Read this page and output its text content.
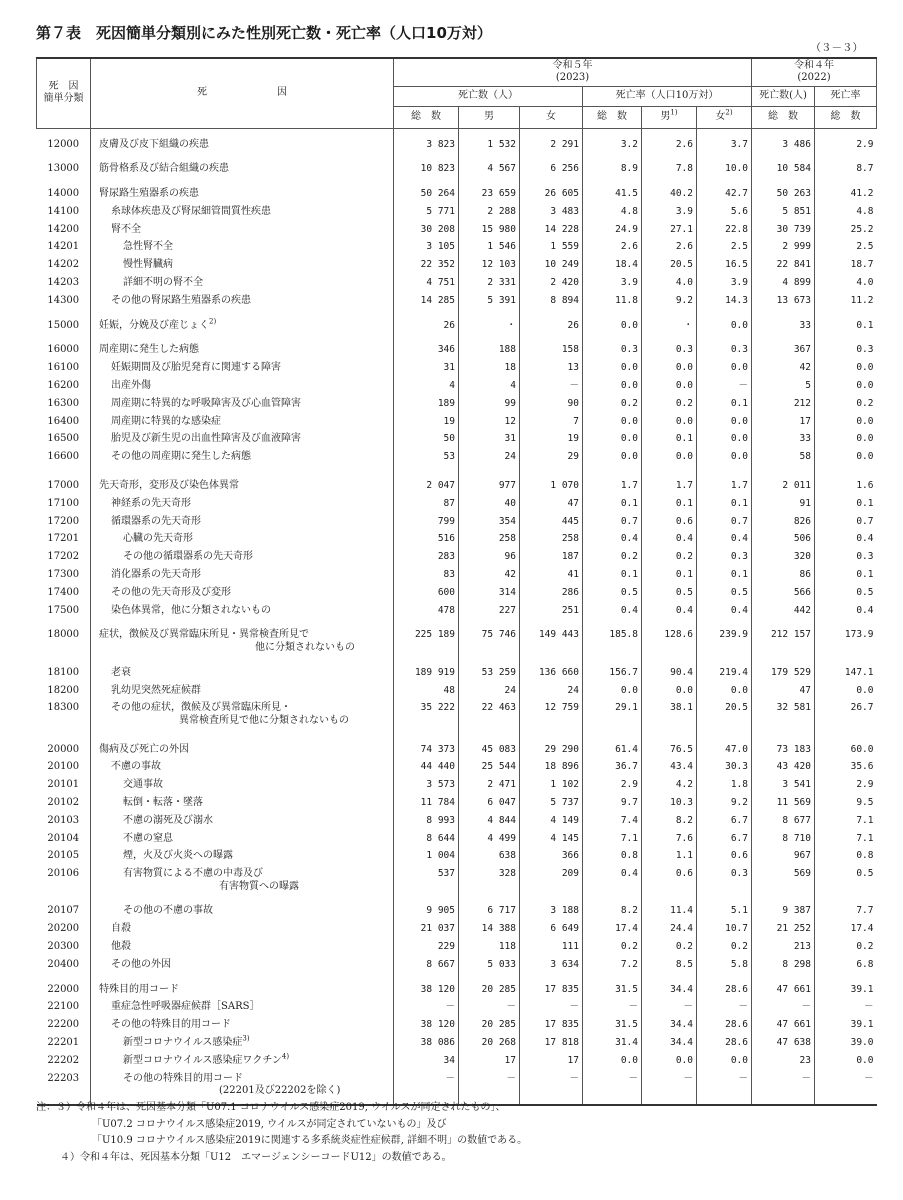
第７表　死因簡単分類別にみた性別死亡数・死亡率（人口10万対）
（３－３）
死　因
簡単分類	死　　　　　　　因	令和５年
(2023)						令和４年
(2022)	
		死亡数（人）			死亡率（人口10万対）			死亡数(人)	死亡率
		総　数	男	女	総　数	男$^{1)}$	女$^{2)}$	総　数	総　数
12000	皮膚及び皮下組織の疾患	3 823	1 532	2 291	3.2	2.6	3.7	3 486	2.9
13000	筋骨格系及び結合組織の疾患	10 823	4 567	6 256	8.9	7.8	10.0	10 584	8.7
14000	腎尿路生殖器系の疾患	50 264	23 659	26 605	41.5	40.2	42.7	50 263	41.2
14100	糸球体疾患及び腎尿細管間質性疾患	5 771	2 288	3 483	4.8	3.9	5.6	5 851	4.8
14200	腎不全	30 208	15 980	14 228	24.9	27.1	22.8	30 739	25.2
14201	急性腎不全	3 105	1 546	1 559	2.6	2.6	2.5	2 999	2.5
14202	慢性腎臓病	22 352	12 103	10 249	18.4	20.5	16.5	22 841	18.7
14203	詳細不明の腎不全	4 751	2 331	2 420	3.9	4.0	3.9	4 899	4.0
14300	その他の腎尿路生殖器系の疾患	14 285	5 391	8 894	11.8	9.2	14.3	13 673	11.2
15000	妊娠，分娩及び産じょく$^{2)}$	26	・	26	0.0	・	0.0	33	0.1
16000	周産期に発生した病態	346	188	158	0.3	0.3	0.3	367	0.3
16100	妊娠期間及び胎児発育に関連する障害	31	18	13	0.0	0.0	0.0	42	0.0
16200	出産外傷	4	4	－	0.0	0.0	－	5	0.0
16300	周産期に特異的な呼吸障害及び心血管障害	189	99	90	0.2	0.2	0.1	212	0.2
16400	周産期に特異的な感染症	19	12	7	0.0	0.0	0.0	17	0.0
16500	胎児及び新生児の出血性障害及び血液障害	50	31	19	0.0	0.1	0.0	33	0.0
16600	その他の周産期に発生した病態	53	24	29	0.0	0.0	0.0	58	0.0
17000	先天奇形，変形及び染色体異常	2 047	977	1 070	1.7	1.7	1.7	2 011	1.6
17100	神経系の先天奇形	87	40	47	0.1	0.1	0.1	91	0.1
17200	循環器系の先天奇形	799	354	445	0.7	0.6	0.7	826	0.7
17201	心臓の先天奇形	516	258	258	0.4	0.4	0.4	506	0.4
17202	その他の循環器系の先天奇形	283	96	187	0.2	0.2	0.3	320	0.3
17300	消化器系の先天奇形	83	42	41	0.1	0.1	0.1	86	0.1
17400	その他の先天奇形及び変形	600	314	286	0.5	0.5	0.5	566	0.5
17500	染色体異常，他に分類されないもの	478	227	251	0.4	0.4	0.4	442	0.4
18000	症状，徴候及び異常臨床所見・異常検査所見で
他に分類されないもの	225 189	75 746	149 443	185.8	128.6	239.9	212 157	173.9
18100	老衰	189 919	53 259	136 660	156.7	90.4	219.4	179 529	147.1
18200	乳幼児突然死症候群	48	24	24	0.0	0.0	0.0	47	0.0
18300	その他の症状，徴候及び異常臨床所見・
異常検査所見で他に分類されないもの	35 222	22 463	12 759	29.1	38.1	20.5	32 581	26.7
20000	傷病及び死亡の外因	74 373	45 083	29 290	61.4	76.5	47.0	73 183	60.0
20100	不慮の事故	44 440	25 544	18 896	36.7	43.4	30.3	43 420	35.6
20101	交通事故	3 573	2 471	1 102	2.9	4.2	1.8	3 541	2.9
20102	転倒・転落・墜落	11 784	6 047	5 737	9.7	10.3	9.2	11 569	9.5
20103	不慮の溺死及び溺水	8 993	4 844	4 149	7.4	8.2	6.7	8 677	7.1
20104	不慮の窒息	8 644	4 499	4 145	7.1	7.6	6.7	8 710	7.1
20105	煙，火及び火炎への曝露	1 004	638	366	0.8	1.1	0.6	967	0.8
20106	有害物質による不慮の中毒及び
有害物質への曝露	537	328	209	0.4	0.6	0.3	569	0.5
20107	その他の不慮の事故	9 905	6 717	3 188	8.2	11.4	5.1	9 387	7.7
20200	自殺	21 037	14 388	6 649	17.4	24.4	10.7	21 252	17.4
20300	他殺	229	118	111	0.2	0.2	0.2	213	0.2
20400	その他の外因	8 667	5 033	3 634	7.2	8.5	5.8	8 298	6.8
22000	特殊目的用コード	38 120	20 285	17 835	31.5	34.4	28.6	47 661	39.1
22100	重症急性呼吸器症候群［SARS］	－	－	－	－	－	－	－	－
22200	その他の特殊目的用コード	38 120	20 285	17 835	31.5	34.4	28.6	47 661	39.1
22201	新型コロナウイルス感染症$^{3)}$	38 086	20 268	17 818	31.4	34.4	28.6	47 638	39.0
22202	新型コロナウイルス感染症ワクチン$^{4)}$	34	17	17	0.0	0.0	0.0	23	0.0
22203	その他の特殊目的用コード
(22201及び22202を除く)	－	－	－	－	－	－	－	－
注：３）令和４年は、死因基本分類「U07.1 コロナウイルス感染症2019, ウイルスが同定されたもの」、
「U07.2 コロナウイルス感染症2019, ウイルスが同定されていないもの」及び
「U10.9 コロナウイルス感染症2019に関連する多系統炎症性症候群, 詳細不明」の数値である。
４）令和４年は、死因基本分類「U12　エマージェンシーコードU12」の数値である。
